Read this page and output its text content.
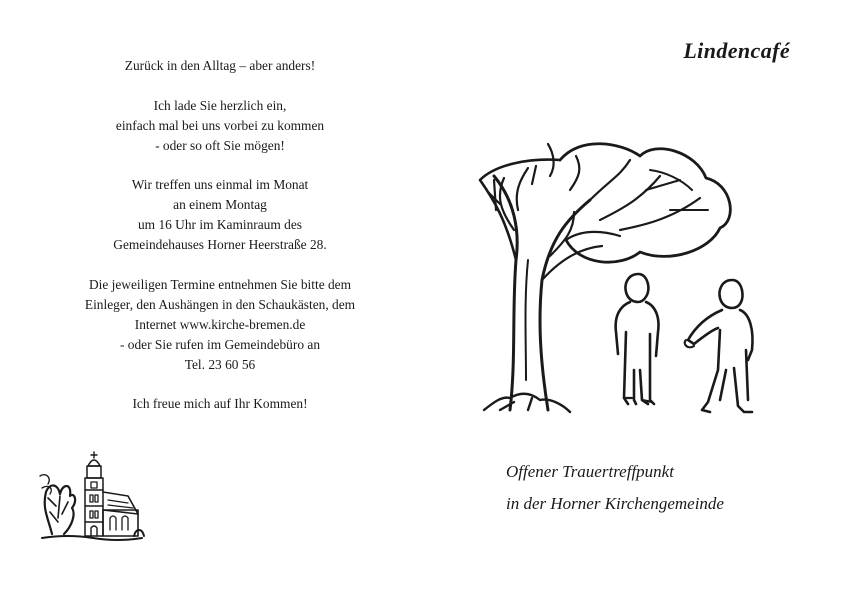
Zurück in den Alltag – aber anders!

Ich lade Sie herzlich ein,
einfach mal bei uns vorbei zu kommen
- oder so oft Sie mögen!

Wir treffen uns einmal im Monat
an einem Montag
um 16 Uhr im Kaminraum des
Gemeindehauses Horner Heerstraße 28.

Die jeweiligen Termine entnehmen Sie bitte dem
Einleger, den Aushängen in den Schaukästen, dem
Internet www.kirche-bremen.de
- oder Sie rufen im Gemeindebüro an
Tel. 23 60 56

Ich freue mich auf Ihr Kommen!

Lindencafé
Offener Trauertreffpunkt
in der Horner Kirchengemeinde
